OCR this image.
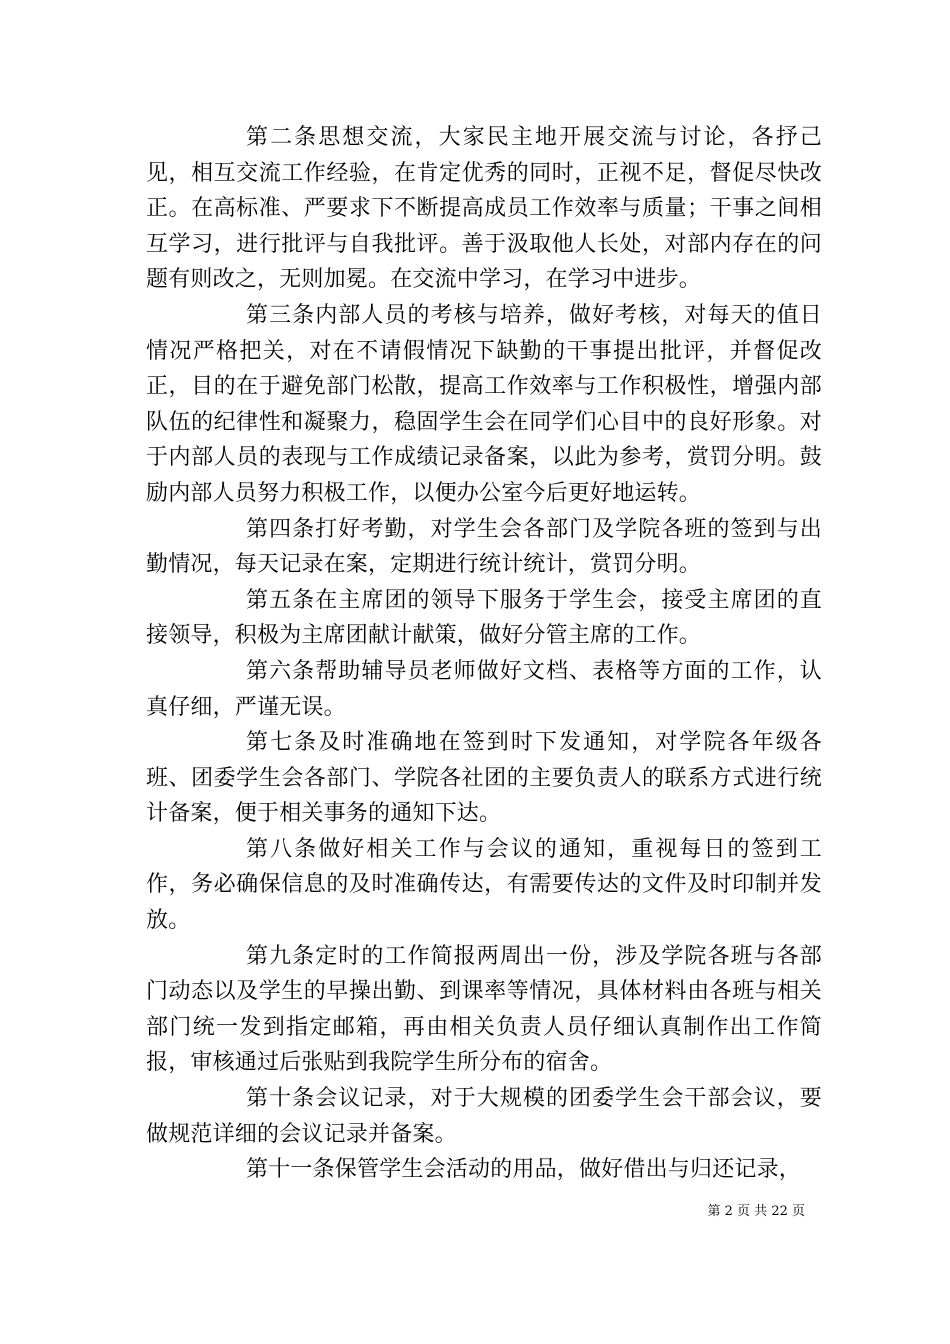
第二条思想交流，大家民主地开展交流与讨论，各抒己见，相互交流工作经验，在肯定优秀的同时，正视不足，督促尽快改正。在高标准、严要求下不断提高成员工作效率与质量；干事之间相互学习，进行批评与自我批评。善于汲取他人长处，对部内存在的问题有则改之，无则加冕。在交流中学习，在学习中进步。

第三条内部人员的考核与培养，做好考核，对每天的值日情况严格把关，对在不请假情况下缺勤的干事提出批评，并督促改正，目的在于避免部门松散，提高工作效率与工作积极性，增强内部队伍的纪律性和凝聚力，稳固学生会在同学们心目中的良好形象。对于内部人员的表现与工作成绩记录备案，以此为参考，赏罚分明。鼓励内部人员努力积极工作，以便办公室今后更好地运转。

第四条打好考勤，对学生会各部门及学院各班的签到与出勤情况，每天记录在案，定期进行统计统计，赏罚分明。

第五条在主席团的领导下服务于学生会，接受主席团的直接领导，积极为主席团献计献策，做好分管主席的工作。

第六条帮助辅导员老师做好文档、表格等方面的工作，认真仔细，严谨无误。

第七条及时准确地在签到时下发通知，对学院各年级各班、团委学生会各部门、学院各社团的主要负责人的联系方式进行统计备案，便于相关事务的通知下达。

第八条做好相关工作与会议的通知，重视每日的签到工作，务必确保信息的及时准确传达，有需要传达的文件及时印制并发放。

第九条定时的工作简报两周出一份，涉及学院各班与各部门动态以及学生的早操出勤、到课率等情况，具体材料由各班与相关部门统一发到指定邮箱，再由相关负责人员仔细认真制作出工作简报，审核通过后张贴到我院学生所分布的宿舍。

第十条会议记录，对于大规模的团委学生会干部会议，要做规范详细的会议记录并备案。

第十一条保管学生会活动的用品，做好借出与归还记录，

第 2 页 共 22 页
